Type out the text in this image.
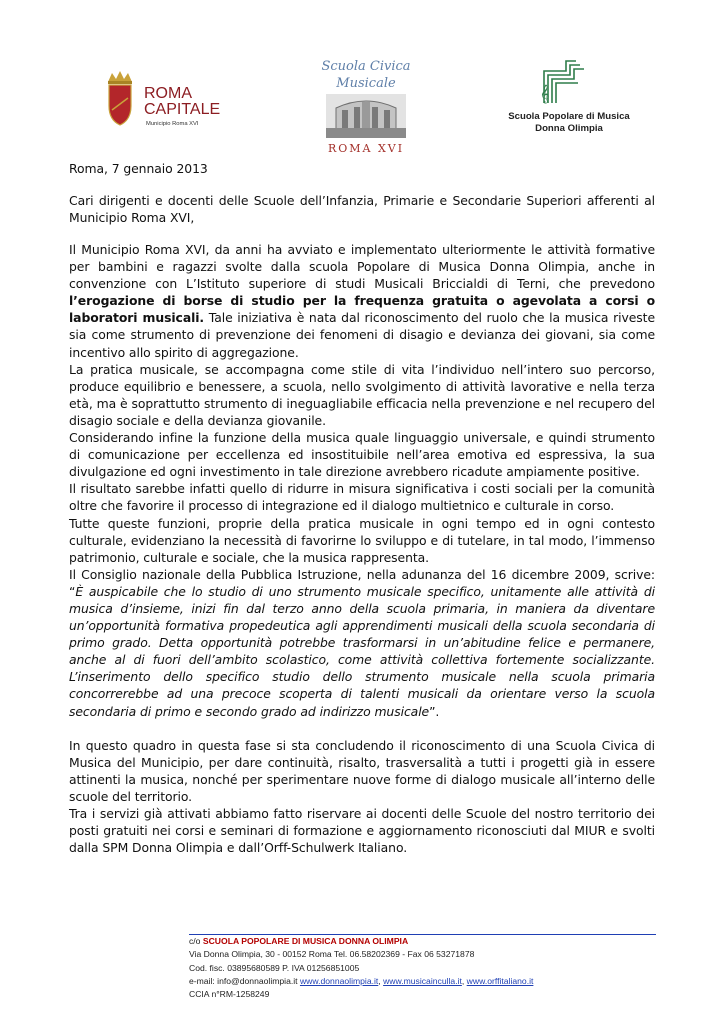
ROMA
CAPITALE
Municipio Roma XVI
Scuola Civica
Musicale
ROMA XVI
𝄞
Scuola Popolare di Musica
Donna Olimpia
Roma, 7 gennaio 2013
Cari dirigenti e docenti delle Scuole dell’Infanzia, Primarie e Secondarie Superiori afferenti al Municipio Roma XVI,

Il Municipio Roma XVI, da anni ha avviato e implementato ulteriormente le attività formative per bambini e ragazzi svolte dalla scuola Popolare di Musica Donna Olimpia, anche in convenzione con L’Istituto superiore di studi Musicali Briccialdi di Terni, che prevedono l’erogazione di borse di studio per la frequenza gratuita o agevolata a corsi o laboratori musicali. Tale iniziativa è nata dal riconoscimento del ruolo che la musica riveste sia come strumento di prevenzione dei fenomeni di disagio e devianza dei giovani, sia come incentivo allo spirito di aggregazione.

La pratica musicale, se accompagna come stile di vita l’individuo nell’intero suo percorso, produce equilibrio e benessere, a scuola, nello svolgimento di attività lavorative e nella terza età, ma è soprattutto strumento di ineguagliabile efficacia nella prevenzione e nel recupero del disagio sociale e della devianza giovanile.

Considerando infine la funzione della musica quale linguaggio universale, e quindi strumento di comunicazione per eccellenza ed insostituibile nell’area emotiva ed espressiva, la sua divulgazione ed ogni investimento in tale direzione avrebbero ricadute ampiamente positive.

Il risultato sarebbe infatti quello di ridurre in misura significativa i costi sociali per la comunità oltre che favorire il processo di integrazione ed il dialogo multietnico e culturale in corso.

Tutte queste funzioni, proprie della pratica musicale in ogni tempo ed in ogni contesto culturale, evidenziano la necessità di favorirne lo sviluppo e di tutelare, in tal modo, l’immenso patrimonio, culturale e sociale, che la musica rappresenta.

Il Consiglio nazionale della Pubblica Istruzione, nella adunanza del 16 dicembre 2009, scrive: “È auspicabile che lo studio di uno strumento musicale specifico, unitamente alle attività di musica d’insieme, inizi fin dal terzo anno della scuola primaria, in maniera da diventare un’opportunità formativa propedeutica agli apprendimenti musicali della scuola secondaria di primo grado. Detta opportunità potrebbe trasformarsi in un’abitudine felice e permanere, anche al di fuori dell’ambito scolastico, come attività collettiva fortemente socializzante. L’inserimento dello specifico studio dello strumento musicale nella scuola primaria concorrerebbe ad una precoce scoperta di talenti musicali da orientare verso la scuola secondaria di primo e secondo grado ad indirizzo musicale”.

In questo quadro in questa fase si sta concludendo il riconoscimento di una Scuola Civica di Musica del Municipio, per dare continuità, risalto, trasversalità a tutti i progetti già in essere attinenti la musica, nonché per sperimentare nuove forme di dialogo musicale all’interno delle scuole del territorio.

Tra i servizi già attivati abbiamo fatto riservare ai docenti delle Scuole del nostro territorio dei posti gratuiti nei corsi e seminari di formazione e aggiornamento riconosciuti dal MIUR e svolti dalla SPM Donna Olimpia e dall’Orff-Schulwerk Italiano.

c/o SCUOLA POPOLARE DI MUSICA DONNA OLIMPIA
Via Donna Olimpia, 30 - 00152 Roma Tel. 06.58202369 - Fax 06 53271878
Cod. fisc. 03895680589 P. IVA 01256851005
e-mail: info@donnaolimpia.it www.donnaolimpia.it, www.musicainculla.it, www.orffitaliano.it
CCIA n°RM-1258249
